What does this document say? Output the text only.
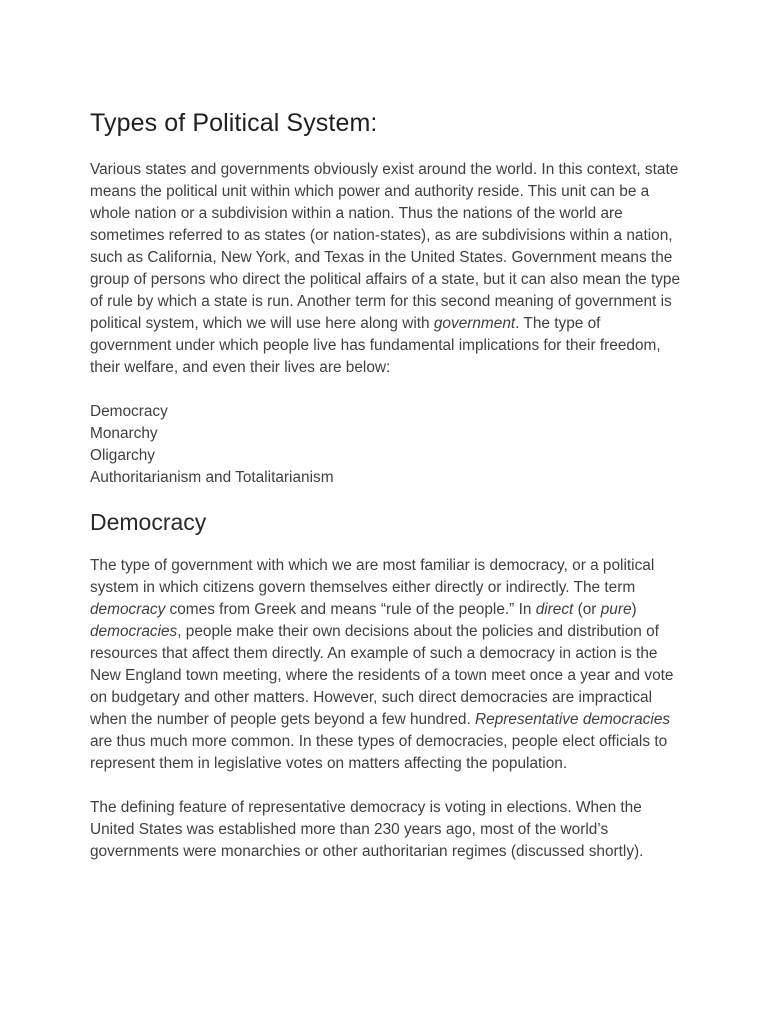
Types of Political System:

Various states and governments obviously exist around the world. In this context, state means the political unit within which power and authority reside. This unit can be a whole nation or a subdivision within a nation. Thus the nations of the world are sometimes referred to as states (or nation-states), as are subdivisions within a nation, such as California, New York, and Texas in the United States. Government means the group of persons who direct the political affairs of a state, but it can also mean the type of rule by which a state is run. Another term for this second meaning of government is political system, which we will use here along with government. The type of government under which people live has fundamental implications for their freedom, their welfare, and even their lives are below:

Democracy
Monarchy
Oligarchy
Authoritarianism and Totalitarianism
Democracy

The type of government with which we are most familiar is democracy, or a political system in which citizens govern themselves either directly or indirectly. The term democracy comes from Greek and means “rule of the people.” In direct (or pure) democracies, people make their own decisions about the policies and distribution of resources that affect them directly. An example of such a democracy in action is the New England town meeting, where the residents of a town meet once a year and vote on budgetary and other matters. However, such direct democracies are impractical when the number of people gets beyond a few hundred. Representative democracies are thus much more common. In these types of democracies, people elect officials to represent them in legislative votes on matters affecting the population.

The defining feature of representative democracy is voting in elections. When the United States was established more than 230 years ago, most of the world’s governments were monarchies or other authoritarian regimes (discussed shortly).
